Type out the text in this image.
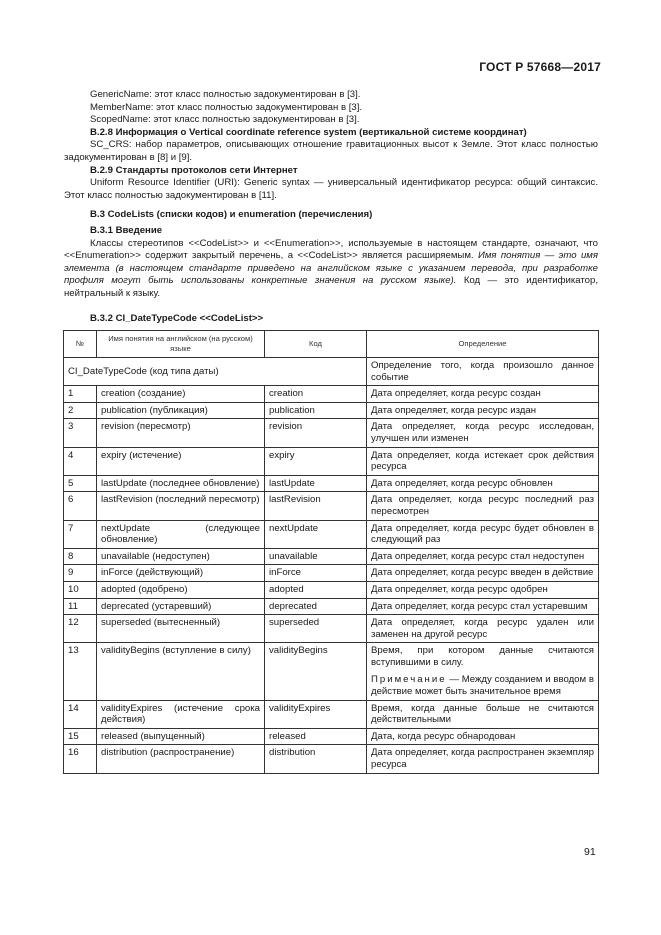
ГОСТ Р 57668—2017

GenericName: этот класс полностью задокументирован в [3].

MemberName: этот класс полностью задокументирован в [3].

ScopedName: этот класс полностью задокументирован в [3].

B.2.8 Информация о Vertical coordinate reference system (вертикальной системе координат)

SC_CRS: набор параметров, описывающих отношение гравитационных высот к Земле. Этот класс полностью задокументирован в [8] и [9].

B.2.9 Стандарты протоколов сети Интернет

Uniform Resource Identifier (URI): Generic syntax — универсальный идентификатор ресурса: общий синтаксис. Этот класс полностью задокументирован в [11].

B.3 CodeLists (списки кодов) и enumeration (перечисления)

B.3.1 Введение

Классы стереотипов <<CodeList>> и <<Enumeration>>, используемые в настоящем стандарте, означают, что <<Enumeration>> содержит закрытый перечень, а <<CodeList>> является расширяемым. Имя понятия — это имя элемента (в настоящем стандарте приведено на английском языке с указанием перевода, при разработке профиля могут быть использованы конкретные значения на русском языке). Код — это идентификатор, нейтральный к языку.

B.3.2 CI_DateTypeCode <<CodeList>>
№	Имя понятия на английском (на русском) языке	Код	Определение
CI_DateTypeCode (код типа даты)			Определение того, когда произошло данное событие
1	creation (создание)	creation	Дата определяет, когда ресурс создан
2	publication (публикация)	publication	Дата определяет, когда ресурс издан
3	revision (пересмотр)	revision	Дата определяет, когда ресурс исследован, улучшен или изменен
4	expiry (истечение)	expiry	Дата определяет, когда истекает срок действия ресурса
5	lastUpdate (последнее обновление)	lastUpdate	Дата определяет, когда ресурс обновлен
6	lastRevision (последний пересмотр)	lastRevision	Дата определяет, когда ресурс последний раз пересмотрен
7	nextUpdate (следующее обновление)	nextUpdate	Дата определяет, когда ресурс будет обновлен в следующий раз
8	unavailable (недоступен)	unavailable	Дата определяет, когда ресурс стал недоступен
9	inForce (действующий)	inForce	Дата определяет, когда ресурс введен в действие
10	adopted (одобрено)	adopted	Дата определяет, когда ресурс одобрен
11	deprecated (устаревший)	deprecated	Дата определяет, когда ресурс стал устаревшим
12	superseded (вытесненный)	superseded	Дата определяет, когда ресурс удален или заменен на другой ресурс
13	validityBegins (вступление в силу)	validityBegins	Время, при котором данные считаются вступившими в силу.
Примечание — Между созданием и вводом в действие может быть значительное время

14	validityExpires (истечение срока действия)	validityExpires	Время, когда данные больше не считаются действительными
15	released (выпущенный)	released	Дата, когда ресурс обнародован
16	distribution (распространение)	distribution	Дата определяет, когда распространен экземпляр ресурса
91
